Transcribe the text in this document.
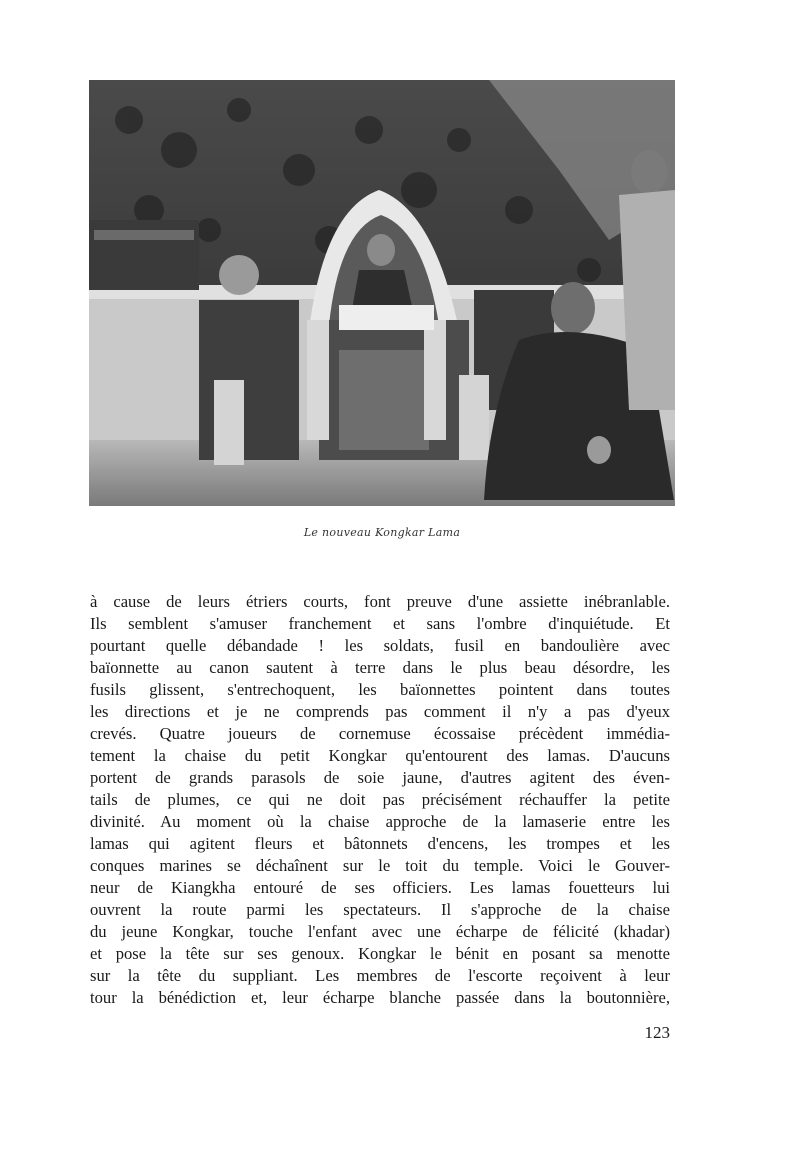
Le nouveau Kongkar Lama
à cause de leurs étriers courts, font preuve d'une assiette inébranlable.
Ils semblent s'amuser franchement et sans l'ombre d'inquiétude. Et
pourtant quelle débandade ! les soldats, fusil en bandoulière avec
baïonnette au canon sautent à terre dans le plus beau désordre, les
fusils glissent, s'entrechoquent, les baïonnettes pointent dans toutes
les directions et je ne comprends pas comment il n'y a pas d'yeux
crevés. Quatre joueurs de cornemuse écossaise précèdent immédia-
tement la chaise du petit Kongkar qu'entourent des lamas. D'aucuns
portent de grands parasols de soie jaune, d'autres agitent des éven-
tails de plumes, ce qui ne doit pas précisément réchauffer la petite
divinité. Au moment où la chaise approche de la lamaserie entre les
lamas qui agitent fleurs et bâtonnets d'encens, les trompes et les
conques marines se déchaînent sur le toit du temple. Voici le Gouver-
neur de Kiangkha entouré de ses officiers. Les lamas fouetteurs lui
ouvrent la route parmi les spectateurs. Il s'approche de la chaise
du jeune Kongkar, touche l'enfant avec une écharpe de félicité (khadar)
et pose la tête sur ses genoux. Kongkar le bénit en posant sa menotte
sur la tête du suppliant. Les membres de l'escorte reçoivent à leur
tour la bénédiction et, leur écharpe blanche passée dans la boutonnière,
123
